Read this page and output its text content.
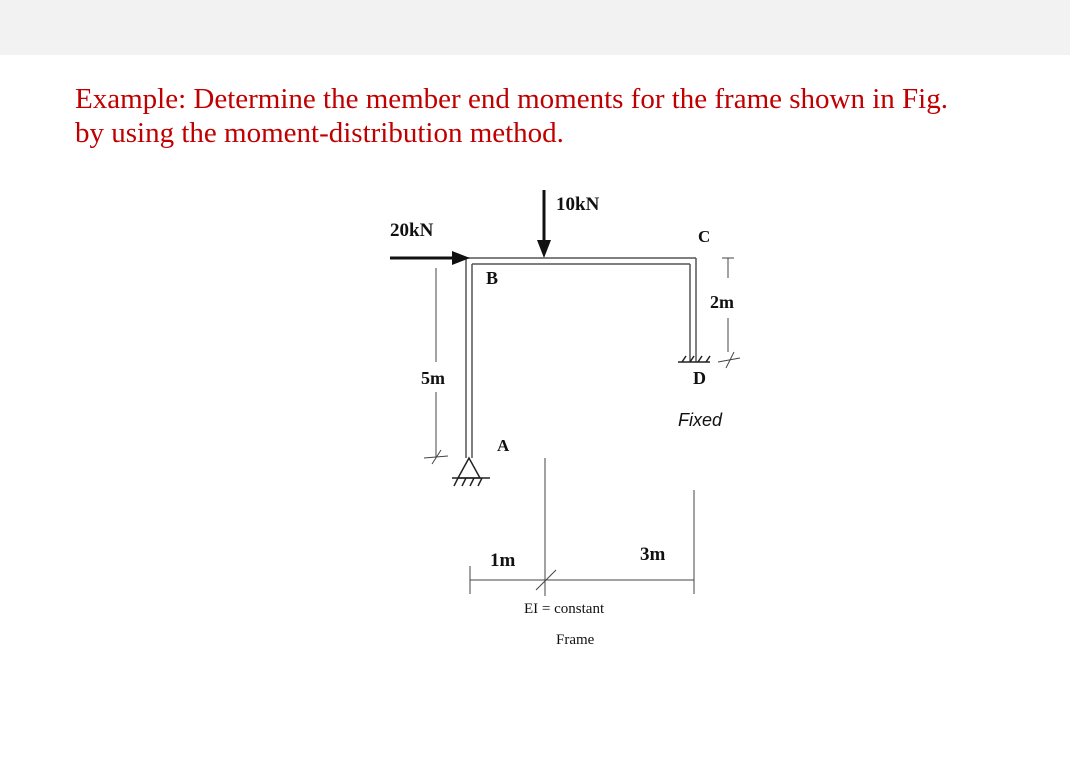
Example: Determine the member end moments for the frame shown in Fig.
by using the moment-distribution method.
20kN
10kN
B
C
D
A
5m
2m
1m	3m
Fixed
EI = constant
Frame
